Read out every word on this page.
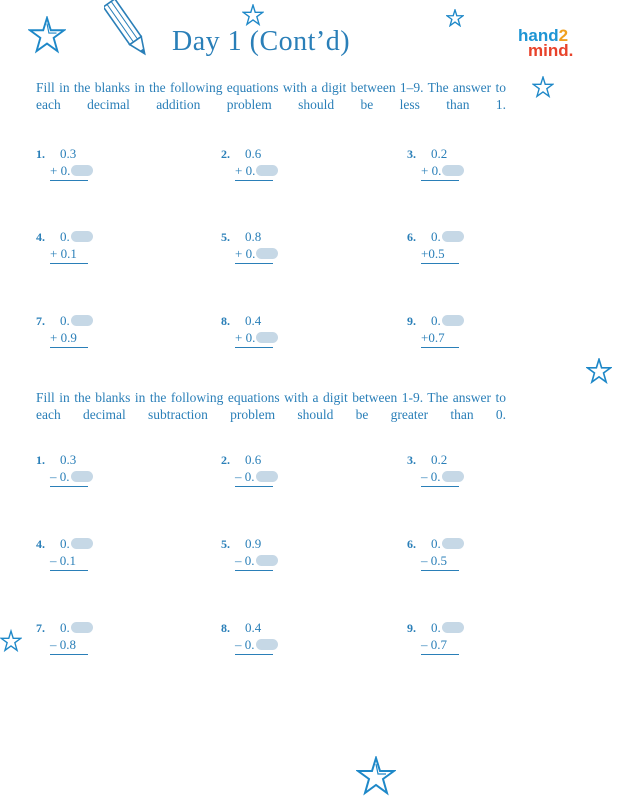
Day 1 (Cont’d)	hand2
mind.
Fill in the blanks in the following equations with a digit between 1–9. The answer to each decimal addition problem should be less than 1.
1. 0.3
+ 0.
2. 0.6
+ 0.
3. 0.2
+ 0.
4. 0.
+ 0.1
5. 0.8
+ 0.
6. 0.
+0.5
7. 0.
+ 0.9
8. 0.4
+ 0.
9. 0.
+0.7
Fill in the blanks in the following equations with a digit between 1-9. The answer to each decimal subtraction problem should be greater than 0.
1. 0.3
– 0.
2. 0.6
– 0.
3. 0.2
– 0.
4. 0.
– 0.1
5. 0.9
– 0.
6. 0.
– 0.5
7. 0.
– 0.8
8. 0.4
– 0.
9. 0.
– 0.7
